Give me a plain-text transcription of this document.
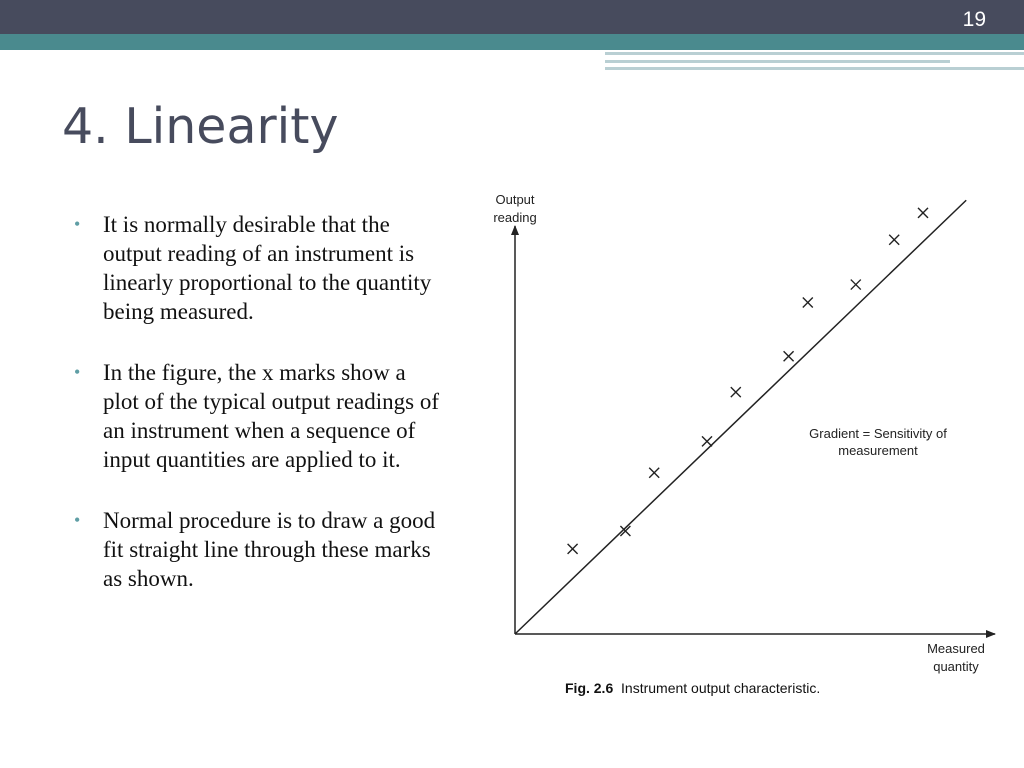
19
4. Linearity
• It is normally desirable that the output reading of an instrument is linearly proportional to the quantity being measured.
• In the figure, the x marks show a plot of the typical output readings of an instrument when a sequence of input quantities are applied to it.
• Normal procedure is to draw a good fit straight line through these marks as shown.
Output
reading
Measured
quantity
Gradient = Sensitivity of
measurement
Fig. 2.6 Instrument output characteristic.
